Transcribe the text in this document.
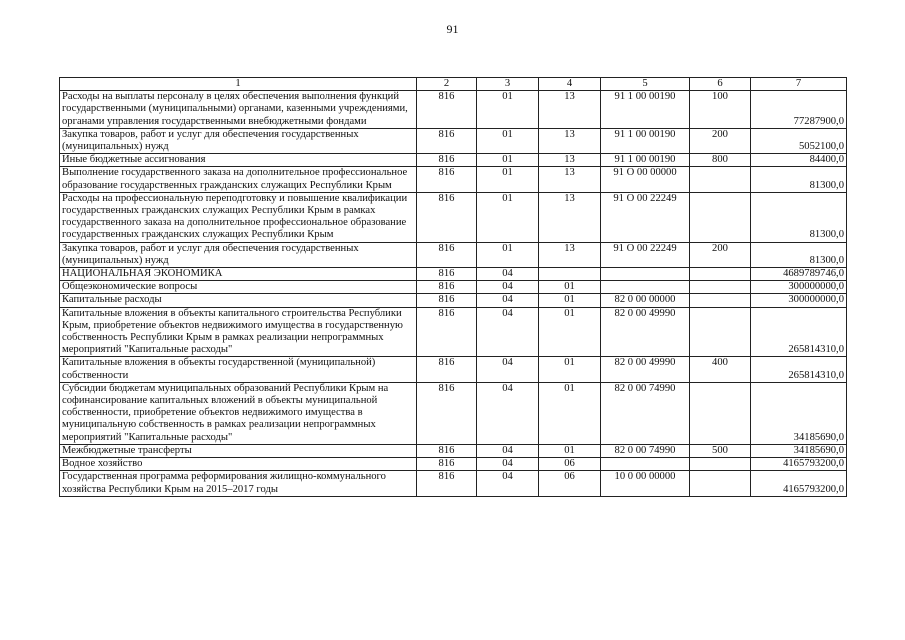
91
1	2	3	4	5	6	7
Расходы на выплаты персоналу в целях обеспечения выполнения функций государственными (муниципальными) органами, казенными учреждениями, органами управления государственными внебюджетными фондами	816	01	13	91 1 00 00190	100	77287900,0
Закупка товаров, работ и услуг для обеспечения государственных (муниципальных) нужд	816	01	13	91 1 00 00190	200	5052100,0
Иные бюджетные ассигнования	816	01	13	91 1 00 00190	800	84400,0
Выполнение государственного заказа на дополнительное профессиональное образование государственных гражданских служащих Республики Крым	816	01	13	91 О 00 00000		81300,0
Расходы на профессиональную переподготовку и повышение квалификации государственных гражданских служащих Республики Крым в рамках государственного заказа на дополнительное профессиональное образование государственных гражданских служащих Республики Крым	816	01	13	91 О 00 22249		81300,0
Закупка товаров, работ и услуг для обеспечения государственных (муниципальных) нужд	816	01	13	91 О 00 22249	200	81300,0
НАЦИОНАЛЬНАЯ ЭКОНОМИКА	816	04				4689789746,0
Общеэкономические вопросы	816	04	01			300000000,0
Капитальные расходы	816	04	01	82 0 00 00000		300000000,0
Капитальные вложения в объекты капитального строительства Республики Крым, приобретение объектов недвижимого имущества в государственную собственность Республики Крым в рамках реализации непрограммных мероприятий "Капитальные расходы"	816	04	01	82 0 00 49990		265814310,0
Капитальные вложения в объекты государственной (муниципальной) собственности	816	04	01	82 0 00 49990	400	265814310,0
Субсидии бюджетам муниципальных образований Республики Крым на софинансирование капитальных вложений в объекты муниципальной собственности, приобретение объектов недвижимого имущества в муниципальную собственность в рамках реализации непрограммных мероприятий "Капитальные расходы"	816	04	01	82 0 00 74990		34185690,0
Межбюджетные трансферты	816	04	01	82 0 00 74990	500	34185690,0
Водное хозяйство	816	04	06			4165793200,0
Государственная программа реформирования жилищно-коммунального хозяйства Республики Крым на 2015–2017 годы	816	04	06	10 0 00 00000		4165793200,0
